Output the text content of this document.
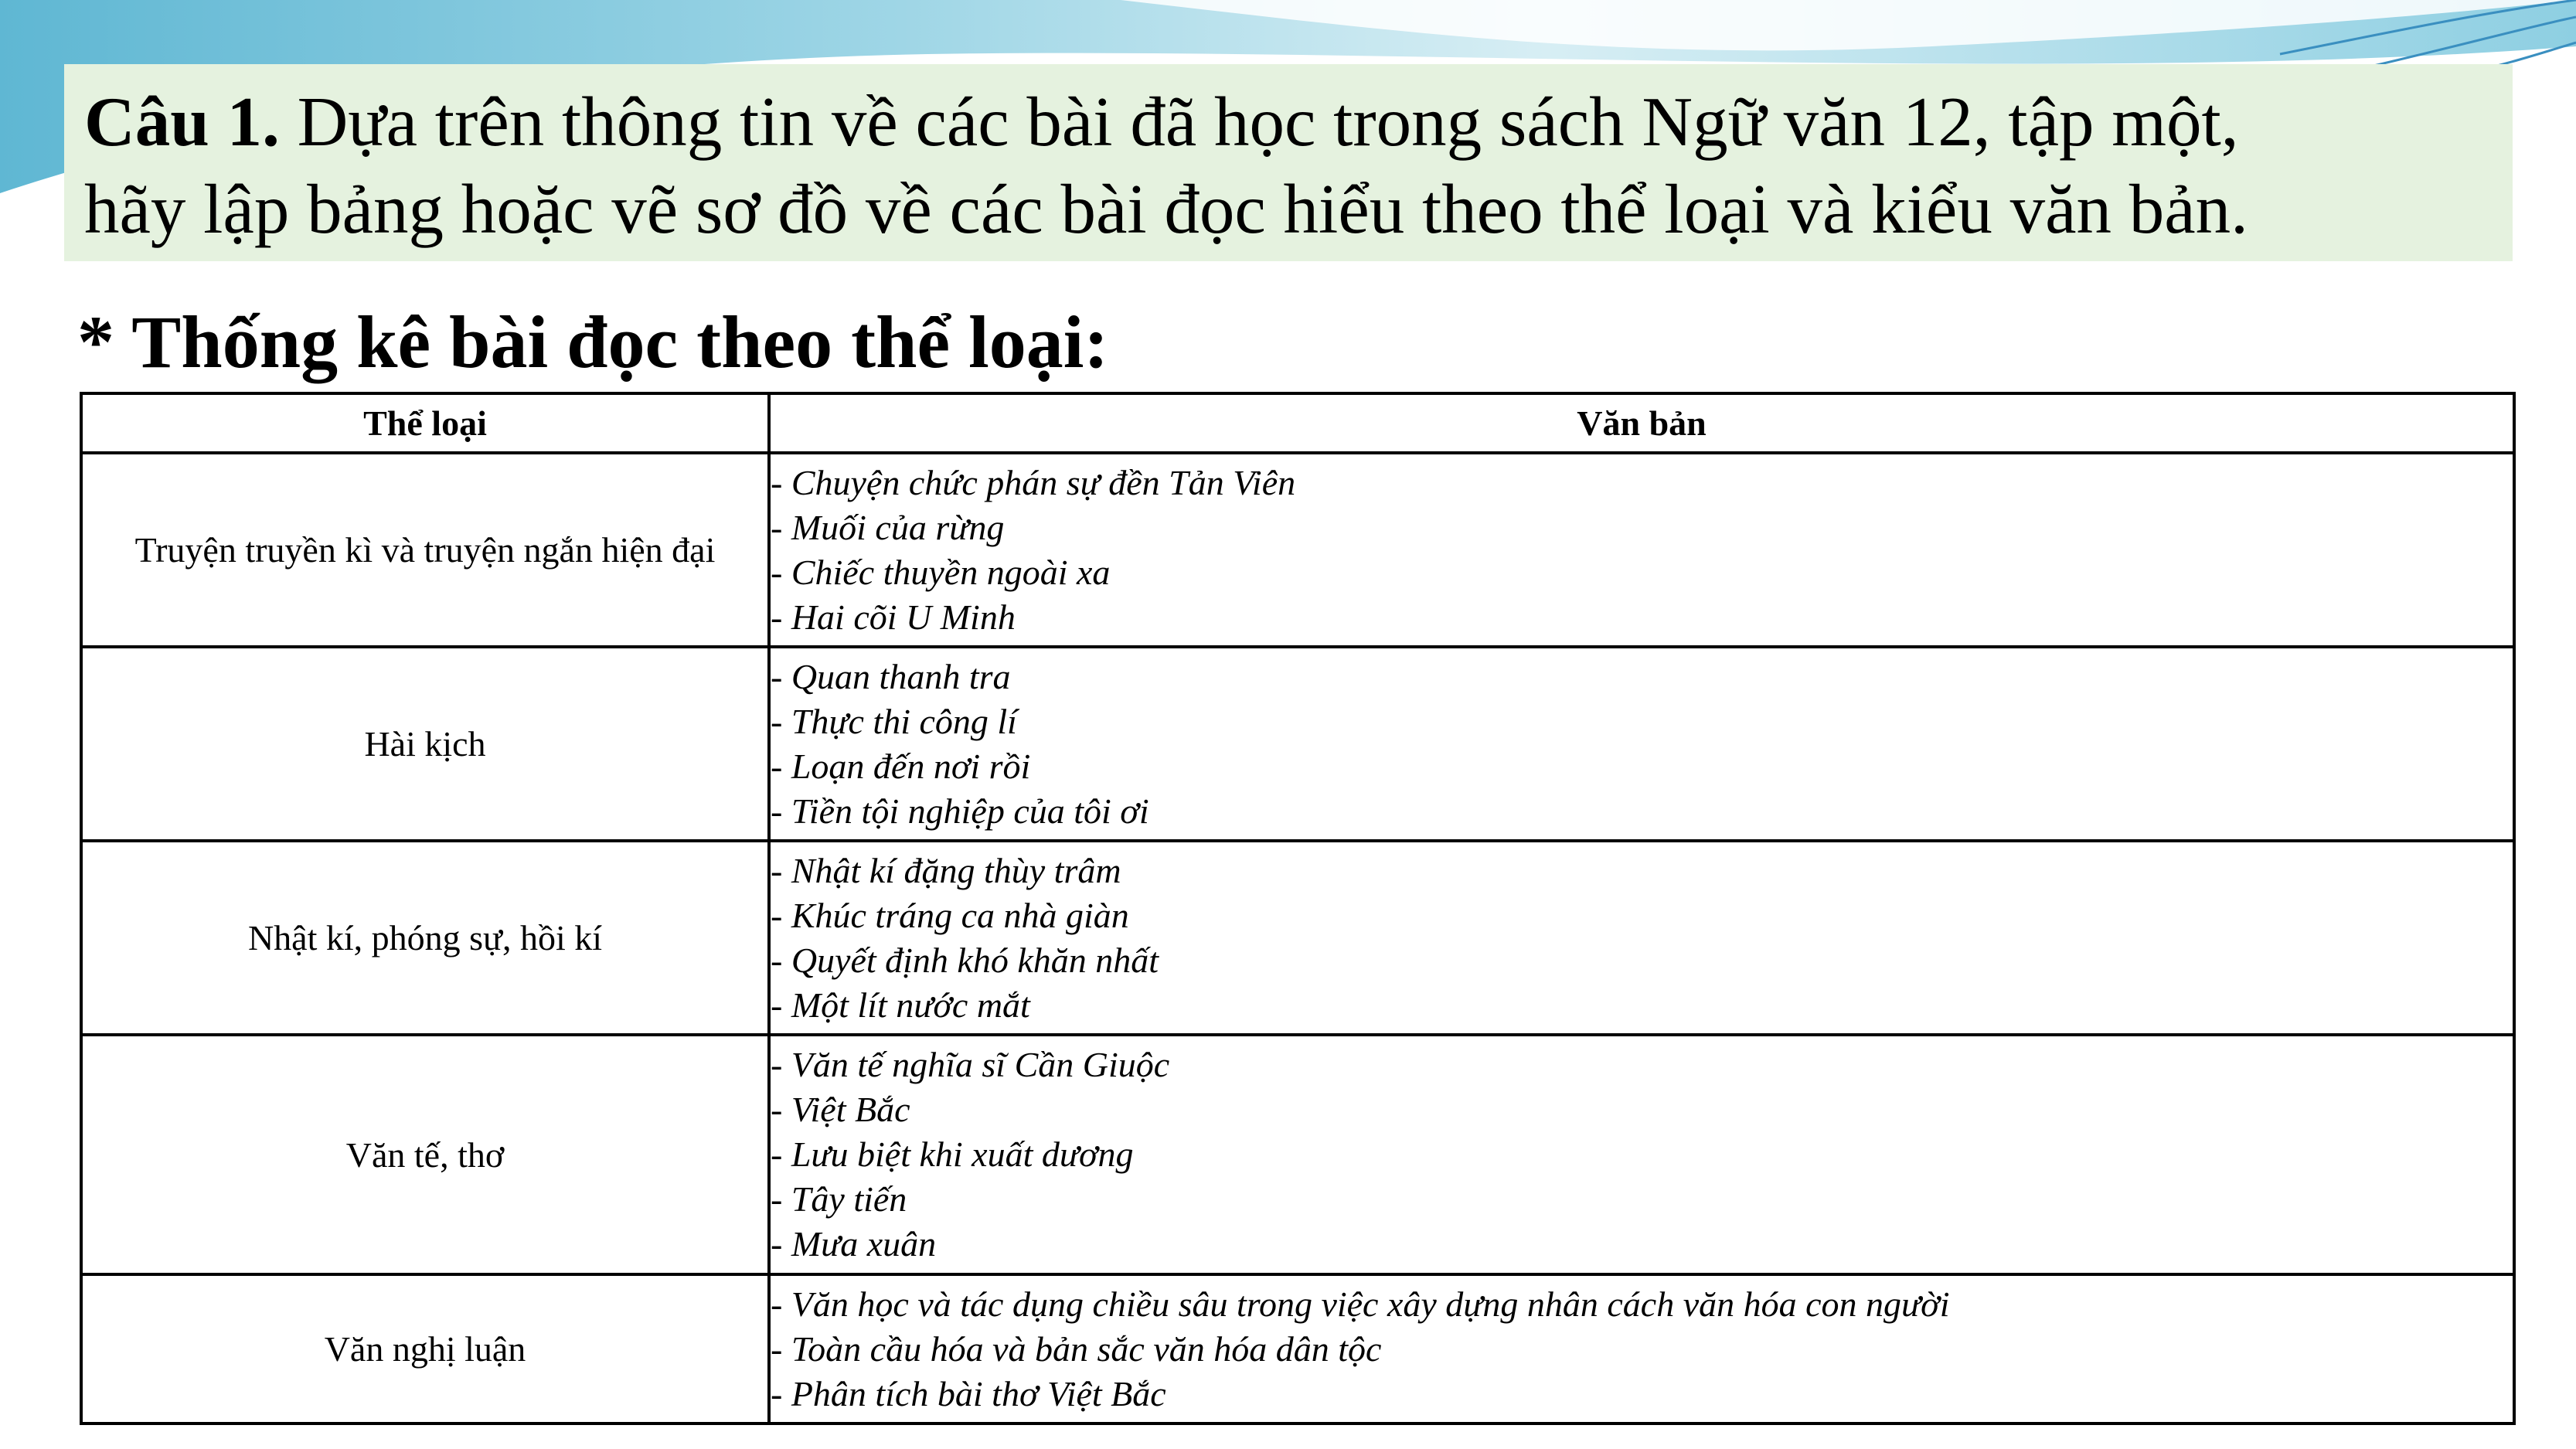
Câu 1. Dựa trên thông tin về các bài đã học trong sách Ngữ văn 12, tập một,
hãy lập bảng hoặc vẽ sơ đồ về các bài đọc hiểu theo thể loại và kiểu văn bản.
* Thống kê bài đọc theo thể loại:
Thể loại	Văn bản
Truyện truyền kì và truyện ngắn hiện đại	- Chuyện chức phán sự đền Tản Viên
- Muối của rừng
- Chiếc thuyền ngoài xa
- Hai cõi U Minh

Hài kịch	- Quan thanh tra
- Thực thi công lí
- Loạn đến nơi rồi
- Tiền tội nghiệp của tôi ơi

Nhật kí, phóng sự, hồi kí	- Nhật kí đặng thùy trâm
- Khúc tráng ca nhà giàn
- Quyết định khó khăn nhất
- Một lít nước mắt

Văn tế, thơ	- Văn tế nghĩa sĩ Cần Giuộc
- Việt Bắc
- Lưu biệt khi xuất dương
- Tây tiến
- Mưa xuân

Văn nghị luận	- Văn học và tác dụng chiều sâu trong việc xây dựng nhân cách văn hóa con người
- Toàn cầu hóa và bản sắc văn hóa dân tộc
- Phân tích bài thơ Việt Bắc
